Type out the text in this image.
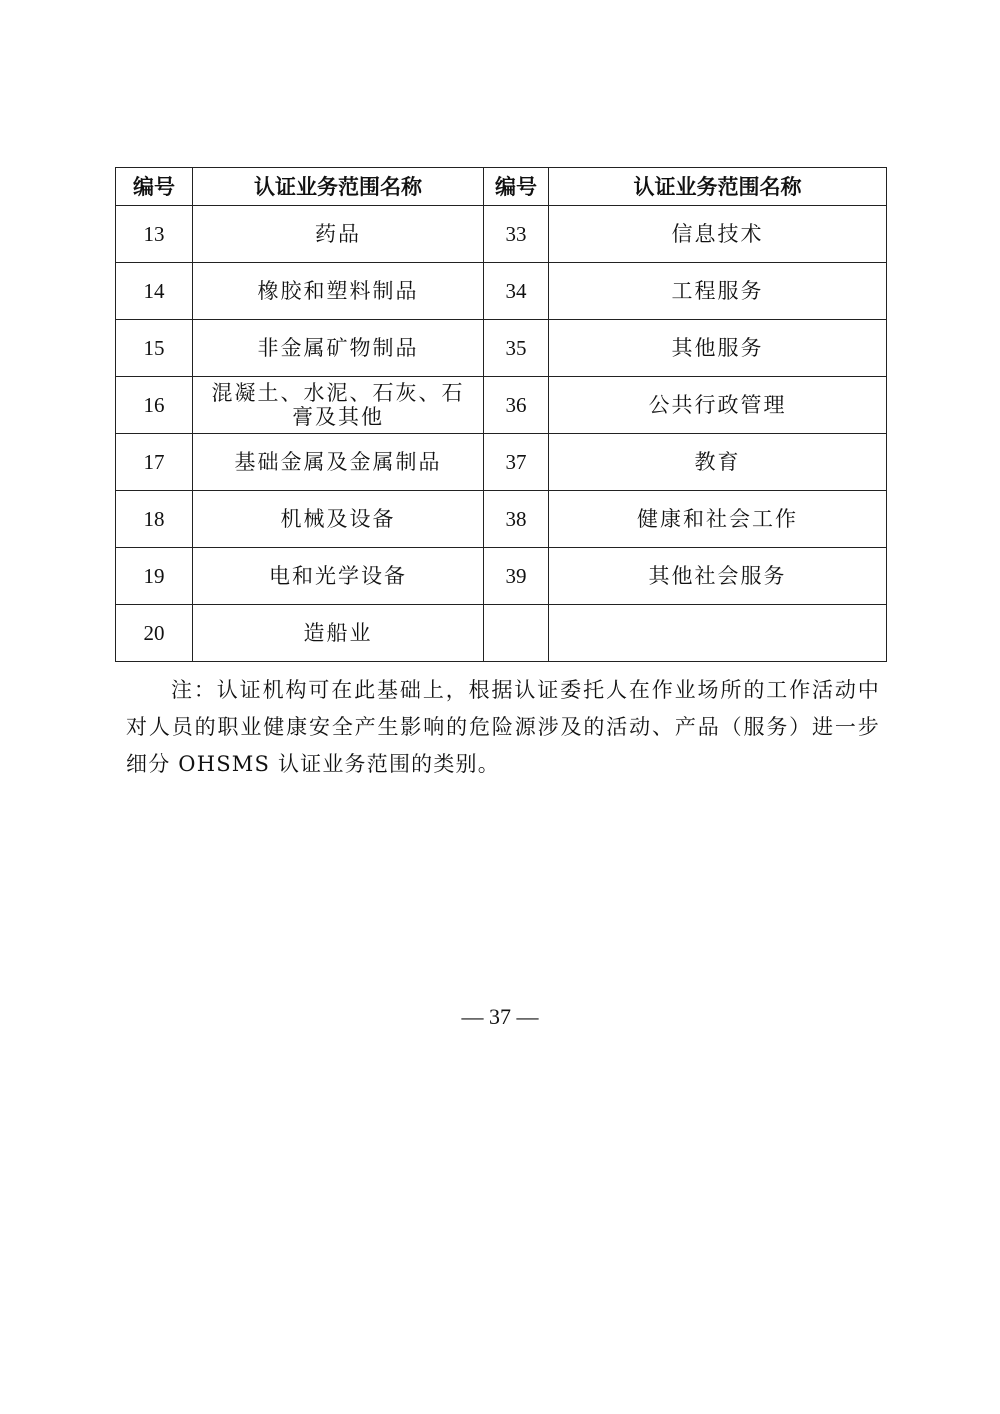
编号	认证业务范围名称	编号	认证业务范围名称
13	药品	33	信息技术
14	橡胶和塑料制品	34	工程服务
15	非金属矿物制品	35	其他服务
16	混凝土、水泥、石灰、石膏及其他	36	公共行政管理
17	基础金属及金属制品	37	教育
18	机械及设备	38	健康和社会工作
19	电和光学设备	39	其他社会服务
20	造船业		

注：认证机构可在此基础上，根据认证委托人在作业场所的工作活动中对人员的职业健康安全产生影响的危险源涉及的活动、产品（服务）进一步细分 OHSMS 认证业务范围的类别。

— 37 —
